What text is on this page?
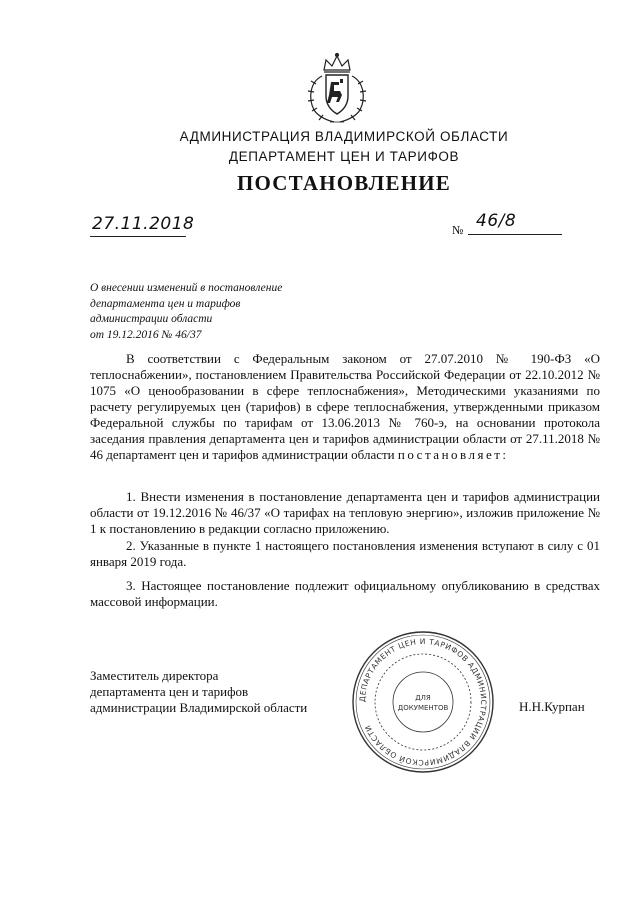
АДМИНИСТРАЦИЯ ВЛАДИМИРСКОЙ ОБЛАСТИ
ДЕПАРТАМЕНТ ЦЕН И ТАРИФОВ
ПОСТАНОВЛЕНИЕ
27.11.2018	№ 46/8
О внесении изменений в постановление
департамента цен и тарифов
администрации области
от 19.12.2016 № 46/37
В соответствии с Федеральным законом от 27.07.2010 № 190-ФЗ «О теплоснабжении», постановлением Правительства Российской Федерации от 22.10.2012 № 1075 «О ценообразовании в сфере теплоснабжения», Методическими указаниями по расчету регулируемых цен (тарифов) в сфере теплоснабжения, утвержденными приказом Федеральной службы по тарифам от 13.06.2013 № 760-э, на основании протокола заседания правления департамента цен и тарифов администрации области от 27.11.2018 № 46 департамент цен и тарифов администрации области постановляет:
1. Внести изменения в постановление департамента цен и тарифов администрации области от 19.12.2016 № 46/37 «О тарифах на тепловую энергию», изложив приложение № 1 к постановлению в редакции согласно приложению.
2. Указанные в пункте 1 настоящего постановления изменения вступают в силу с 01 января 2019 года.
3. Настоящее постановление подлежит официальному опубликованию в средствах массовой информации.
Заместитель директора
департамента цен и тарифов
администрации Владимирской области	Н.Н.Курпан
ДЕПАРТАМЕНТ ЦЕН И ТАРИФОВ АДМИНИСТРАЦИИ ВЛАДИМИРСКОЙ ОБЛАСТИ
ДЛЯ
ДОКУМЕНТОВ
